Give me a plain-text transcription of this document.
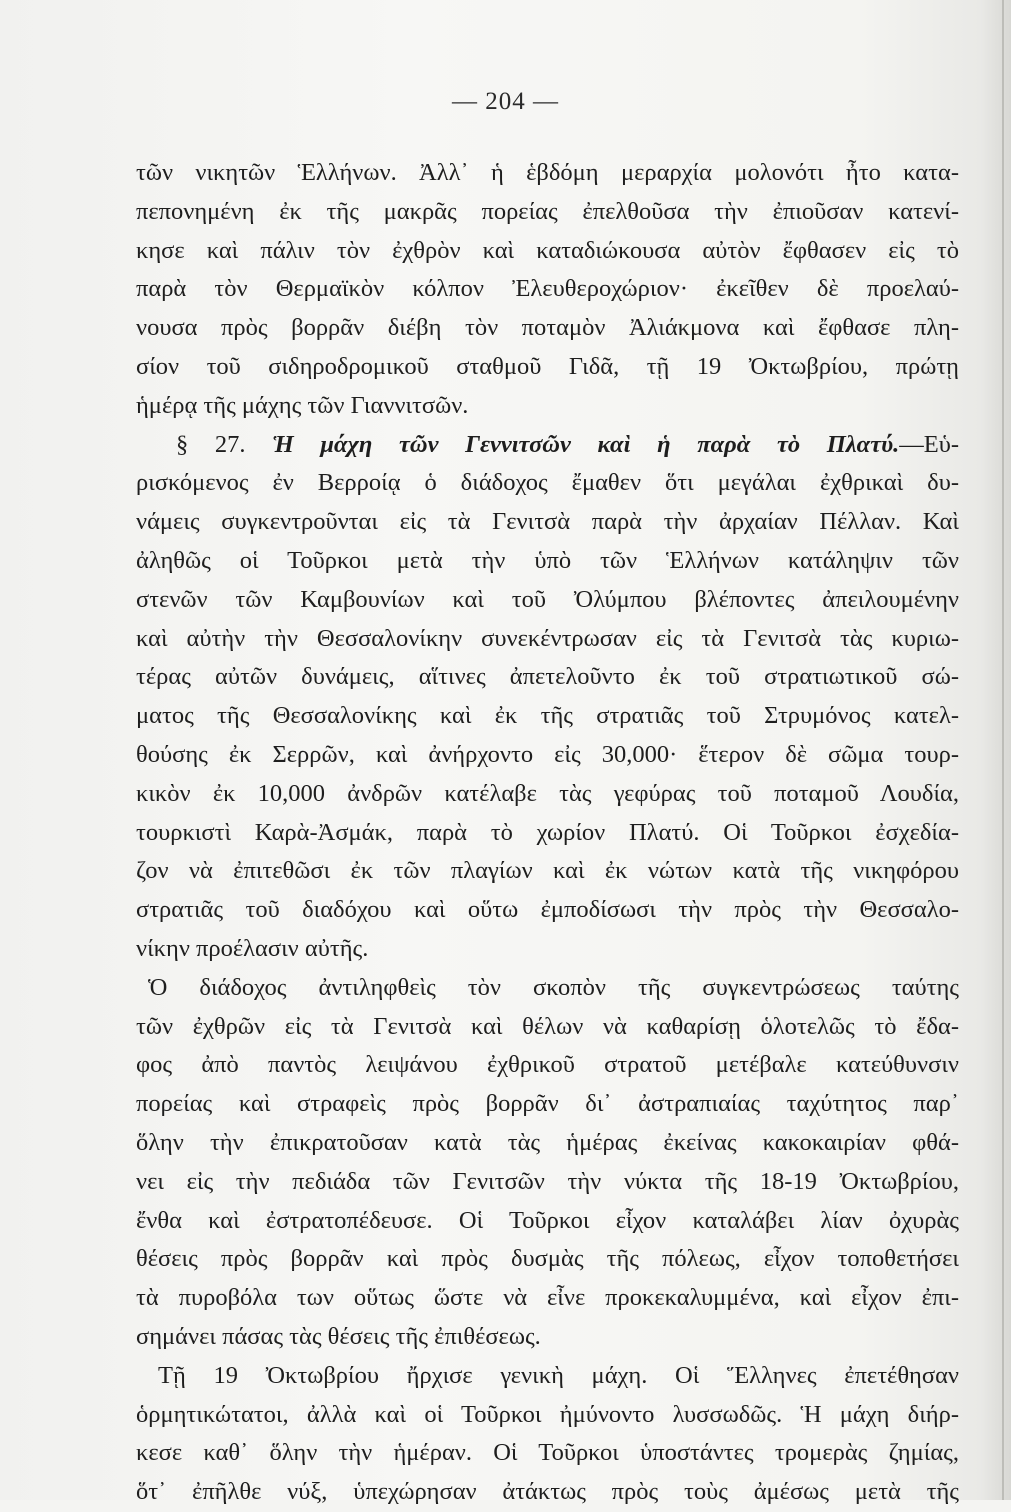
— 204 —
τῶν νικητῶν Ἑλλήνων. Ἀλλ᾽ ἡ ἑβδόμη μεραρχία μολονότι ἦτο κατα-
πεπονημένη ἐκ τῆς μακρᾶς πορείας ἐπελθοῦσα τὴν ἐπιοῦσαν κατενί-
κησε καὶ πάλιν τὸν ἐχθρὸν καὶ καταδιώκουσα αὐτὸν ἔφθασεν εἰς τὸ
παρὰ τὸν Θερμαϊκὸν κόλπον Ἐλευθεροχώριον· ἐκεῖθεν δὲ προελαύ-
νουσα πρὸς βορρᾶν διέβη τὸν ποταμὸν Ἀλιάκμονα καὶ ἔφθασε πλη-
σίον τοῦ σιδηροδρομικοῦ σταθμοῦ Γιδᾶ, τῇ 19 Ὀκτωβρίου, πρώτῃ
ἡμέρᾳ τῆς μάχης τῶν Γιαννιτσῶν.
§ 27. Ἡ μάχη τῶν Γεννιτσῶν καὶ ἡ παρὰ τὸ Πλατύ.—Εὑ-
ρισκόμενος ἐν Βερροίᾳ ὁ διάδοχος ἔμαθεν ὅτι μεγάλαι ἐχθρικαὶ δυ-
νάμεις συγκεντροῦνται εἰς τὰ Γενιτσὰ παρὰ τὴν ἀρχαίαν Πέλλαν. Καὶ
ἀληθῶς οἱ Τοῦρκοι μετὰ τὴν ὑπὸ τῶν Ἑλλήνων κατάληψιν τῶν
στενῶν τῶν Καμβουνίων καὶ τοῦ Ὀλύμπου βλέποντες ἀπειλουμένην
καὶ αὐτὴν τὴν Θεσσαλονίκην συνεκέντρωσαν εἰς τὰ Γενιτσὰ τὰς κυριω-
τέρας αὐτῶν δυνάμεις, αἵτινες ἀπετελοῦντο ἐκ τοῦ στρατιωτικοῦ σώ-
ματος τῆς Θεσσαλονίκης καὶ ἐκ τῆς στρατιᾶς τοῦ Στρυμόνος κατελ-
θούσης ἐκ Σερρῶν, καὶ ἀνήρχοντο εἰς 30,000· ἕτερον δὲ σῶμα τουρ-
κικὸν ἐκ 10,000 ἀνδρῶν κατέλαβε τὰς γεφύρας τοῦ ποταμοῦ Λουδία,
τουρκιστὶ Καρὰ-Ἀσμάκ, παρὰ τὸ χωρίον Πλατύ. Οἱ Τοῦρκοι ἐσχεδία-
ζον νὰ ἐπιτεθῶσι ἐκ τῶν πλαγίων καὶ ἐκ νώτων κατὰ τῆς νικηφόρου
στρατιᾶς τοῦ διαδόχου καὶ οὕτω ἐμποδίσωσι τὴν πρὸς τὴν Θεσσαλο-
νίκην προέλασιν αὐτῆς.
Ὁ διάδοχος ἀντιληφθεὶς τὸν σκοπὸν τῆς συγκεντρώσεως ταύτης
τῶν ἐχθρῶν εἰς τὰ Γενιτσὰ καὶ θέλων νὰ καθαρίσῃ ὁλοτελῶς τὸ ἔδα-
φος ἀπὸ παντὸς λειψάνου ἐχθρικοῦ στρατοῦ μετέβαλε κατεύθυνσιν
πορείας καὶ στραφεὶς πρὸς βορρᾶν δι᾽ ἀστραπιαίας ταχύτητος παρ᾽
ὅλην τὴν ἐπικρατοῦσαν κατὰ τὰς ἡμέρας ἐκείνας κακοκαιρίαν φθά-
νει εἰς τὴν πεδιάδα τῶν Γενιτσῶν τὴν νύκτα τῆς 18-19 Ὀκτωβρίου,
ἔνθα καὶ ἐστρατοπέδευσε. Οἱ Τοῦρκοι εἶχον καταλάβει λίαν ὀχυρὰς
θέσεις πρὸς βορρᾶν καὶ πρὸς δυσμὰς τῆς πόλεως, εἶχον τοποθετήσει
τὰ πυροβόλα των οὕτως ὥστε νὰ εἶνε προκεκαλυμμένα, καὶ εἶχον ἐπι-
σημάνει πάσας τὰς θέσεις τῆς ἐπιθέσεως.
Τῇ 19 Ὀκτωβρίου ἤρχισε γενικὴ μάχη. Οἱ Ἕλληνες ἐπετέθησαν
ὁρμητικώτατοι, ἀλλὰ καὶ οἱ Τοῦρκοι ἠμύνοντο λυσσωδῶς. Ἡ μάχη διήρ-
κεσε καθ᾽ ὅλην τὴν ἡμέραν. Οἱ Τοῦρκοι ὑποστάντες τρομερὰς ζημίας,
ὅτ᾽ ἐπῆλθε νύξ, ὑπεχώρησαν ἀτάκτως πρὸς τοὺς ἀμέσως μετὰ τῆς
